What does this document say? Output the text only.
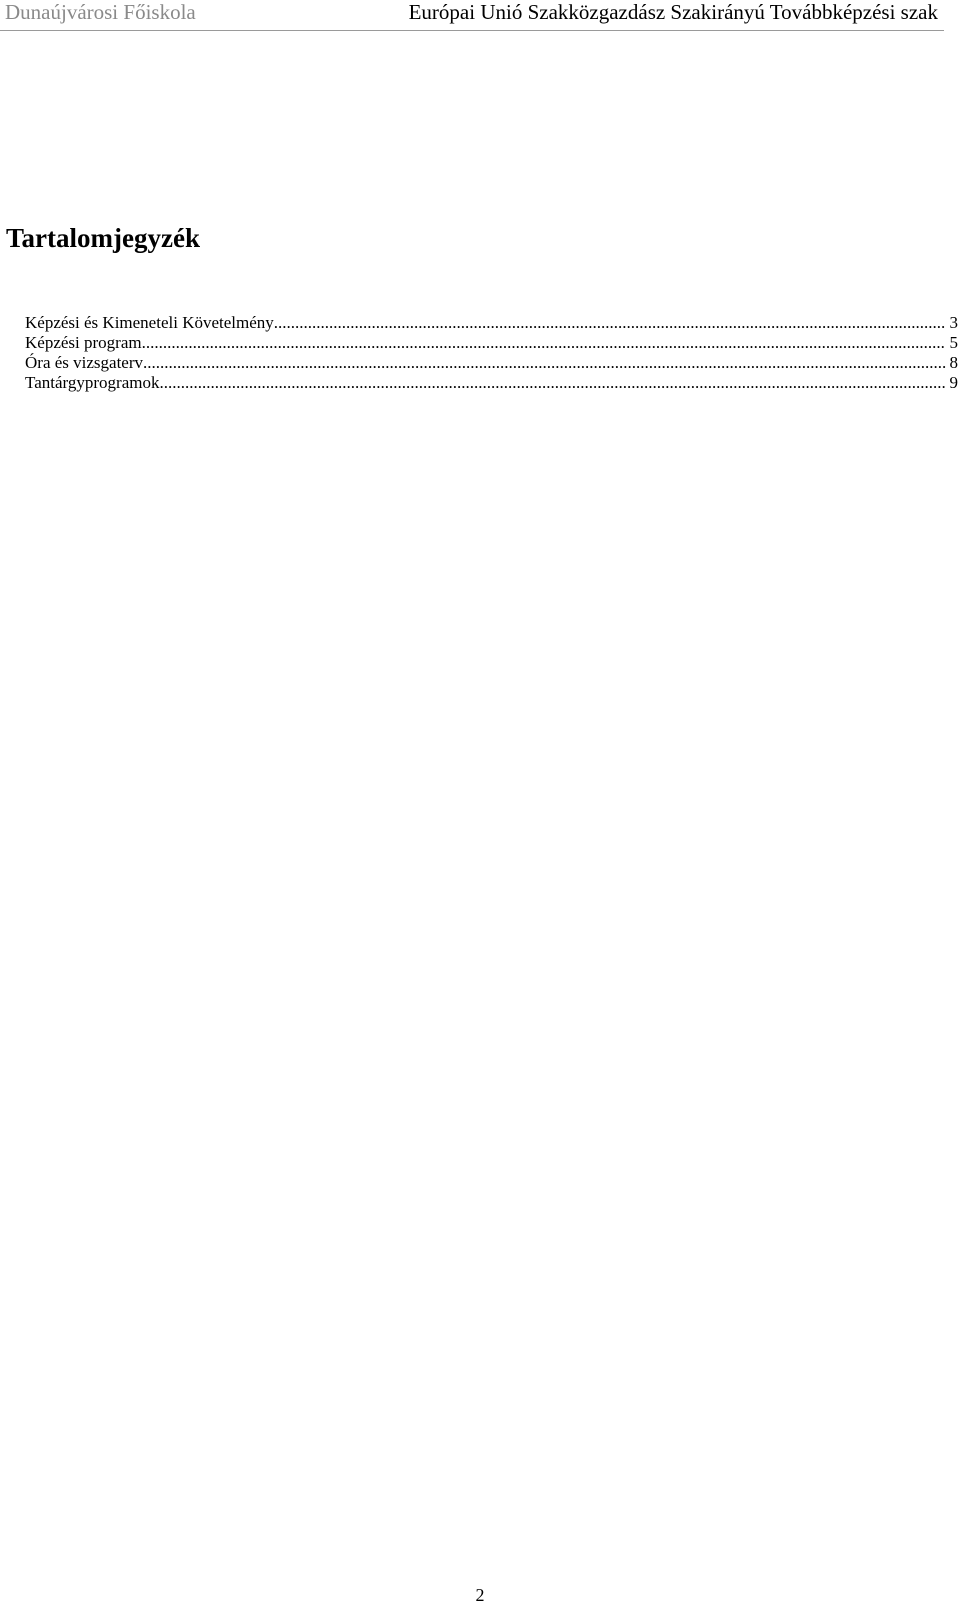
Dunaújvárosi Főiskola	Európai Unió Szakközgazdász Szakirányú Továbbképzési szak
Tartalomjegyzék
Képzési és Kimeneteli Követelmény .....	3
Képzési program .....	5
Óra és vizsgaterv .....	8
Tantárgyprogramok .....	9
2
